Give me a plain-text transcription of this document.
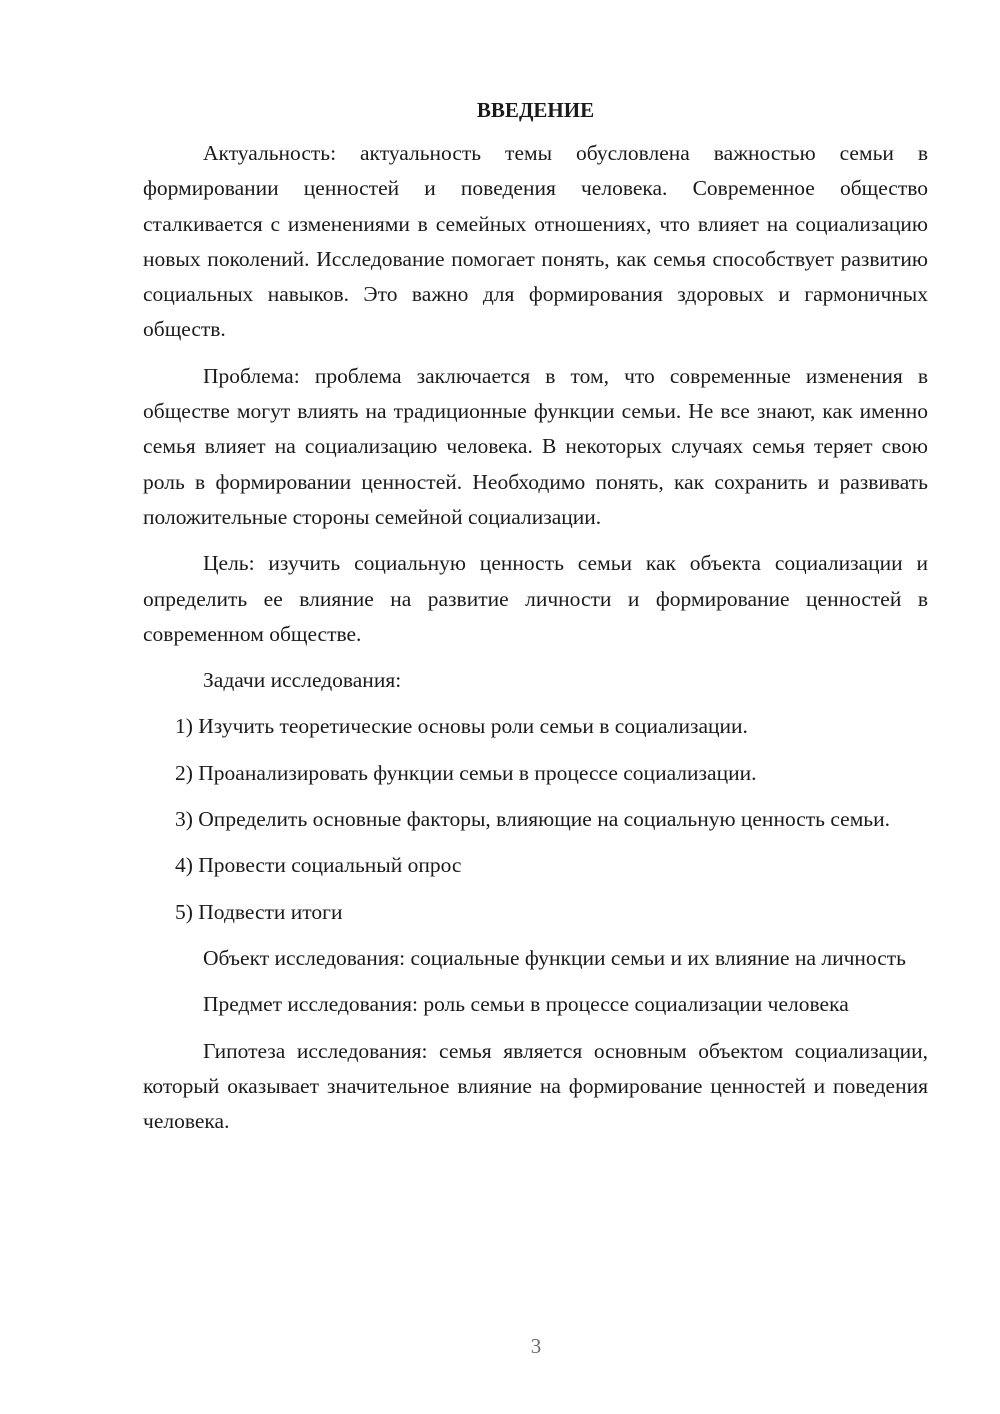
ВВЕДЕНИЕ

Актуальность: актуальность темы обусловлена важностью семьи в формировании ценностей и поведения человека. Современное общество сталкивается с изменениями в семейных отношениях, что влияет на социализацию новых поколений. Исследование помогает понять, как семья способствует развитию социальных навыков. Это важно для формирования здоровых и гармоничных обществ.

Проблема: проблема заключается в том, что современные изменения в обществе могут влиять на традиционные функции семьи. Не все знают, как именно семья влияет на социализацию человека. В некоторых случаях семья теряет свою роль в формировании ценностей. Необходимо понять, как сохранить и развивать положительные стороны семейной социализации.

Цель: изучить социальную ценность семьи как объекта социализации и определить ее влияние на развитие личности и формирование ценностей в современном обществе.

Задачи исследования:

1) Изучить теоретические основы роли семьи в социализации.

2) Проанализировать функции семьи в процессе социализации.

3) Определить основные факторы, влияющие на социальную ценность семьи.

4) Провести социальный опрос

5) Подвести итоги

Объект исследования: социальные функции семьи и их влияние на личность

Предмет исследования: роль семьи в процессе социализации человека

Гипотеза исследования: семья является основным объектом социализации, который оказывает значительное влияние на формирование ценностей и поведения человека.

3
